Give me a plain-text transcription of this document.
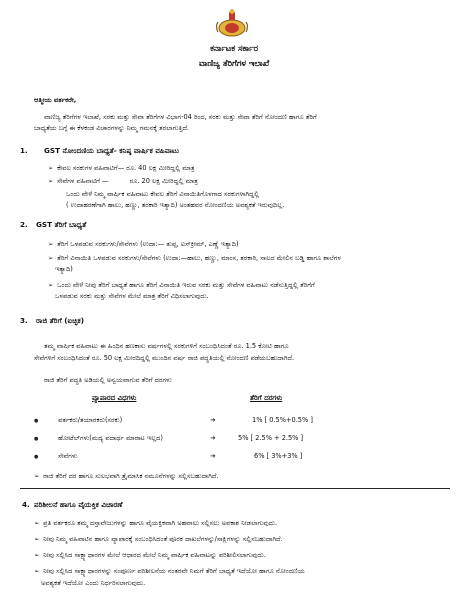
ಕರ್ನಾಟಕ ಸರ್ಕಾರ
ವಾಣಿಜ್ಯ ತೆರಿಗೆಗಳ ಇಲಾಖೆ
ಆತ್ಮೀಯ ವರ್ತಕರೇ,
ವಾಣಿಜ್ಯ ತೆರಿಗೆಗಳ ಇಲಾಖೆ, ಸರಕು ಮತ್ತು ಸೇವಾ ತೆರಿಗೆಗಳ ವಿಭಾಗ-04 ರಿಂದ, ಸರಕು ಮತ್ತು ಸೇವಾ ತೆರಿಗೆ ನೋಂದಣಿ ಹಾಗೂ ತೆರಿಗೆ
ಬಾಧ್ಯತೆಯ ಬಗ್ಗೆ ಈ ಕೆಳಕಂಡ ವಿಚಾರಗಳನ್ನು ನಿಮ್ಮ ಗಮನಕ್ಕೆ ತರಲಾಗುತ್ತಿದೆ.
1. GST ನೋಂದಣಿಯ ಬಾಧ್ಯತೆ- ಕನಿಷ್ಠ ವಾರ್ಷಿಕ ವಹಿವಾಟು
➢ ಕೇವಲ ಸರಕುಗಳ ವಹಿವಾಟಿಗೆ— ರೂ. 40 ಲಕ್ಷ ಮೀರಿದ್ದಲ್ಲಿ ಮಾತ್ರ
➢ ಸೇವೆಗಳ ವಹಿವಾಟಿಗೆ —          ರೂ. 20 ಲಕ್ಷ ಮೀರಿದ್ದಲ್ಲಿ ಮಾತ್ರ
ಒಂದು ವೇಳೆ ನಿಮ್ಮ ವಾರ್ಷಿಕ ವಹಿವಾಟು ಕೇವಲ ತೆರಿಗೆ ವಿನಾಯಿತಿಗೊಳಗಾದ ಸರಕುಗಳಾಗಿದ್ದಲ್ಲಿ
( ಉದಾಹರಣೆಗಾಗಿ ಹಾಲು, ಹಣ್ಣು, ತರಕಾರಿ ಇತ್ಯಾದಿ) ಅಂತಹವರ ನೋಂದಣಿಯ ಅವಶ್ಯಕತೆ ಇರುವುದಿಲ್ಲ.
2. GST ತೆರಿಗೆ ಬಾಧ್ಯತೆ
➢ ತೆರಿಗೆ ಒಳಪಡುವ ಸರಕುಗಳು/ಸೇವೆಗಳು (ಉದಾ:— ತುಪ್ಪ, ಐಸ್‌ಕ್ರೀಮ್, ಎಣ್ಣೆ ಇತ್ಯಾದಿ)
➢ ತೆರಿಗೆ ವಿನಾಯಿತಿ ಒಳಪಡುವ ಸರಕುಗಳು/ಸೇವೆಗಳು (ಉದಾ:—ಹಾಲು, ಹಣ್ಣು, ಮಾಂಸ, ತರಕಾರಿ, ಸಾಲದ ಮೇಲಿನ ಬಡ್ಡಿ ಹಾಗೂ ಶಾಲೆಗಳ
ಇತ್ಯಾದಿ)
➢ ಒಂದು ವೇಳೆ ನೀವು ತೆರಿಗೆ ಬಾಧ್ಯತೆ ಹಾಗೂ ತೆರಿಗೆ ವಿನಾಯಿತಿ ಇರುವ ಸರಕು ಮತ್ತು ಸೇವೆಗಳ ವಹಿವಾಟು ನಡೆಸುತ್ತಿದ್ದಲ್ಲಿ ತೆರಿಗೆಗೆ
ಒಳಪಡುವ ಸರಕು ಮತ್ತು ಸೇವೆಗಳ ಮೇಲೆ ಮಾತ್ರ ತೆರಿಗೆ ವಿಧಿಸಲಾಗುವುದು.
3. ರಾಜಿ ತೆರಿಗೆ (ಐಚ್ಛಿಕ)
ತಮ್ಮ ವಾರ್ಷಿಕ ವಹಿವಾಟು ಈ ಹಿಂದಿನ ಹಣಕಾಸು ವರ್ಷಗಳಲ್ಲಿ ಸರಕುಗಳಿಗೆ ಸಂಬಂಧಿಸಿದಂತೆ ರೂ. 1.5 ಕೋಟಿ ಹಾಗೂ
ಸೇವೆಗಳಿಗೆ ಸಂಬಂಧಿಸಿದಂತೆ ರೂ. 50 ಲಕ್ಷ ಮೀರದಿದ್ದಲ್ಲಿ ಮುಂದಿನ ವರ್ಷ ರಾಜಿ ಪದ್ಧತಿಯಲ್ಲಿ ನೋಂದಣಿ ಪಡೆಯಬಹುದಾಗಿದೆ.
ರಾಜಿ ತೆರಿಗೆ ಪದ್ಧತಿ ಅಡಿಯಲ್ಲಿ ಅನ್ವಯವಾಗುವ ತೆರಿಗೆ ದರಗಳು
ವ್ಯಾಪಾರದ ವಿಧಗಳು	ತೆರಿಗೆ ದರಗಳು
●	ವರ್ತಕರು/ತಯಾರಕರು(ಸರಕು)	➔	1% [ 0.5%+0.5% ]
●	ಹೋಟೆಲ್‌ಗಳು(ಮದ್ಯ ಪದಾರ್ಥ ಮಾರಾಟ ಇಲ್ಲದ)	➔	5% [ 2.5% + 2.5% ]
●	ಸೇವೆಗಳು	➔	6% [ 3%+3% ]
➢ ರಾಜಿ ತೆರಿಗೆ ದರ ಹಾಗೂ ಸುಲಭವಾಗಿ ತ್ರೈಮಾಸಿಕ ನಮೂನೆಗಳನ್ನು ಸಲ್ಲಿಸಬಹುದಾಗಿದೆ.
4. ಪರಿಶೀಲನೆ ಹಾಗೂ ವೈಯಕ್ತಿಕ ವಿಚಾರಣೆ
➢ ಪ್ರತಿ ವರ್ತಕರೂ ತಮ್ಮ ದಸ್ತಾವೇಜುಗಳನ್ನು ಹಾಗೂ ವೈಯಕ್ತಿಕವಾಗಿ ಅಹವಾಲು ಸಲ್ಲಿಸಲು ಅವಕಾಶ ನೀಡಲಾಗುವುದು.
➢ ನೀವು ನಿಮ್ಮ ವಹಿವಾಟಿನ ಹಾಗೂ ವ್ಯಾಪಾರಕ್ಕೆ ಸಂಬಂಧಿಸಿದಂತೆ ಪೂರಕ ದಾಖಲೆಗಳನ್ನು/ಸಾಕ್ಷಿಗಳನ್ನು ಸಲ್ಲಿಸಬಹುದಾಗಿದೆ.
➢ ನೀವು ಸಲ್ಲಿಸಿದ ಸಾಕ್ಷ್ಯಾಧಾರಗಳ ಮೇಲೆ ಆಧಾರದ ಮೇಲೆ ನಿಮ್ಮ ವಾರ್ಷಿಕ ವಹಿವಾಟನ್ನು ಪರಿಶೀಲಿಸಲಾಗುವುದು.
➢ ನೀವು ಸಲ್ಲಿಸಿದ ಸಾಕ್ಷ್ಯಾಧಾರಗಳನ್ನು ಸಂಪೂರ್ಣ ಪರಿಶೀಲನೆಯ ನಂತರವೇ ನಿಮಗೆ ತೆರಿಗೆ ಬಾಧ್ಯತೆ ಇದೆಯೋ ಹಾಗೂ ನೋಂದಣಿಯ
ಅವಶ್ಯಕತೆ ಇದೆಯೋ ಎಂದು ನಿರ್ಧರಿಸಲಾಗುವುದು.
